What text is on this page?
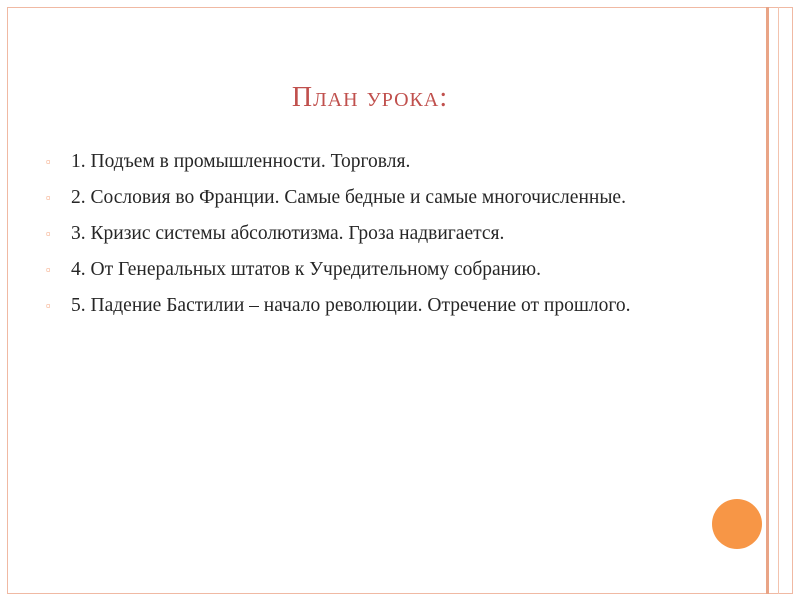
План урока:
▫	1. Подъем в промышленности. Торговля.
▫	2. Сословия во Франции. Самые бедные и самые многочисленные.
▫	3. Кризис системы абсолютизма. Гроза надвигается.
▫	4. От Генеральных штатов к Учредительному собранию.
▫	5. Падение Бастилии – начало революции. Отречение от прошлого.
